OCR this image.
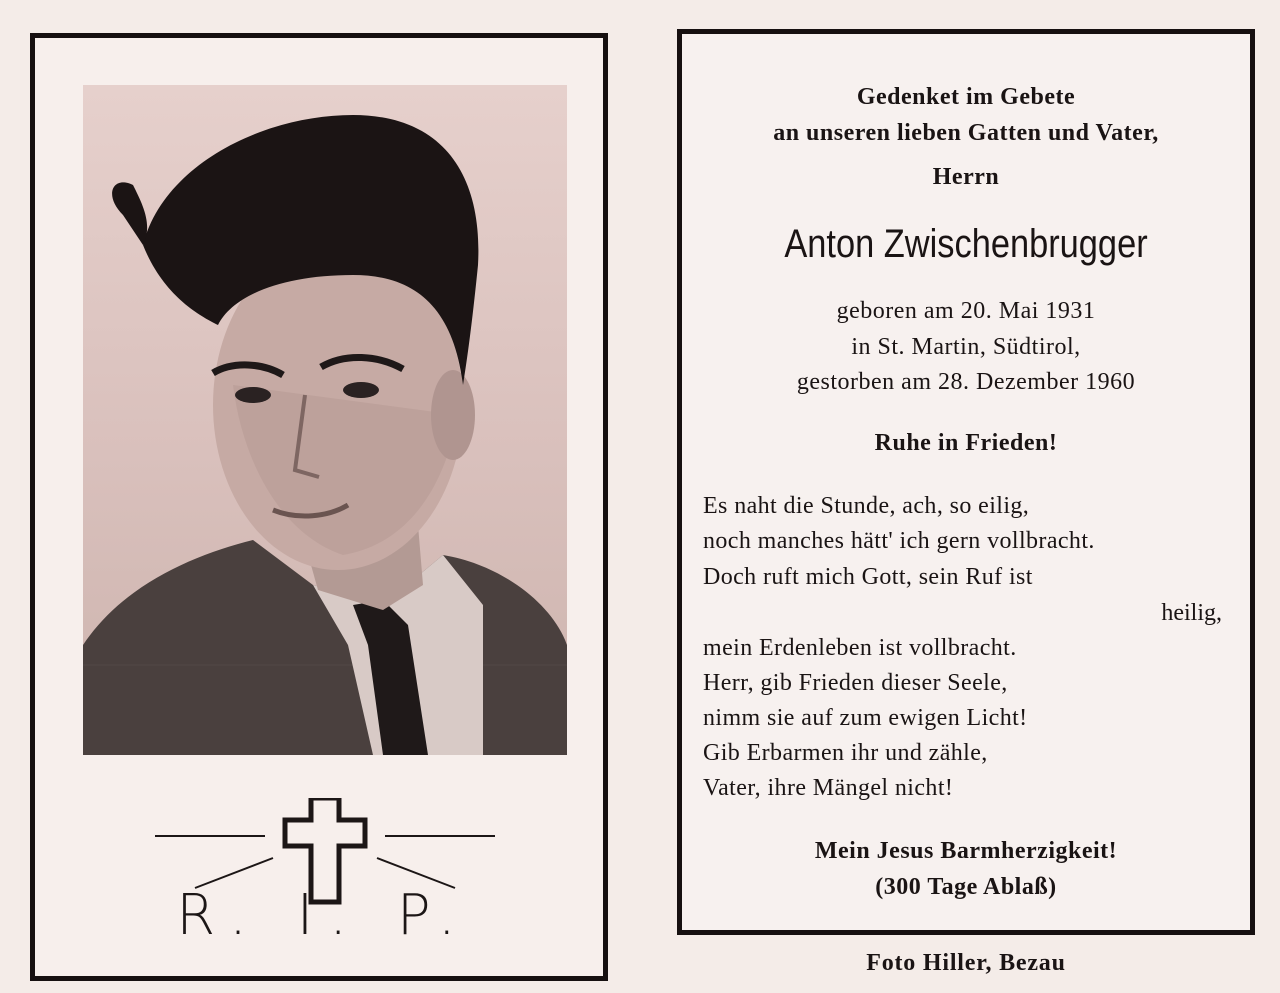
R. I. P.
Gedenket im Gebete
an unseren lieben Gatten und Vater,
Herrn
Anton Zwischenbrugger
geboren am 20. Mai 1931
in St. Martin, Südtirol,
gestorben am 28. Dezember 1960
Ruhe in Frieden!
Es naht die Stunde, ach, so eilig,
noch manches hätt' ich gern vollbracht.
Doch ruft mich Gott, sein Ruf ist
heilig,
mein Erdenleben ist vollbracht.
Herr, gib Frieden dieser Seele,
nimm sie auf zum ewigen Licht!
Gib Erbarmen ihr und zähle,
Vater, ihre Mängel nicht!
Mein Jesus Barmherzigkeit!
(300 Tage Ablaß)
Foto Hiller, Bezau
